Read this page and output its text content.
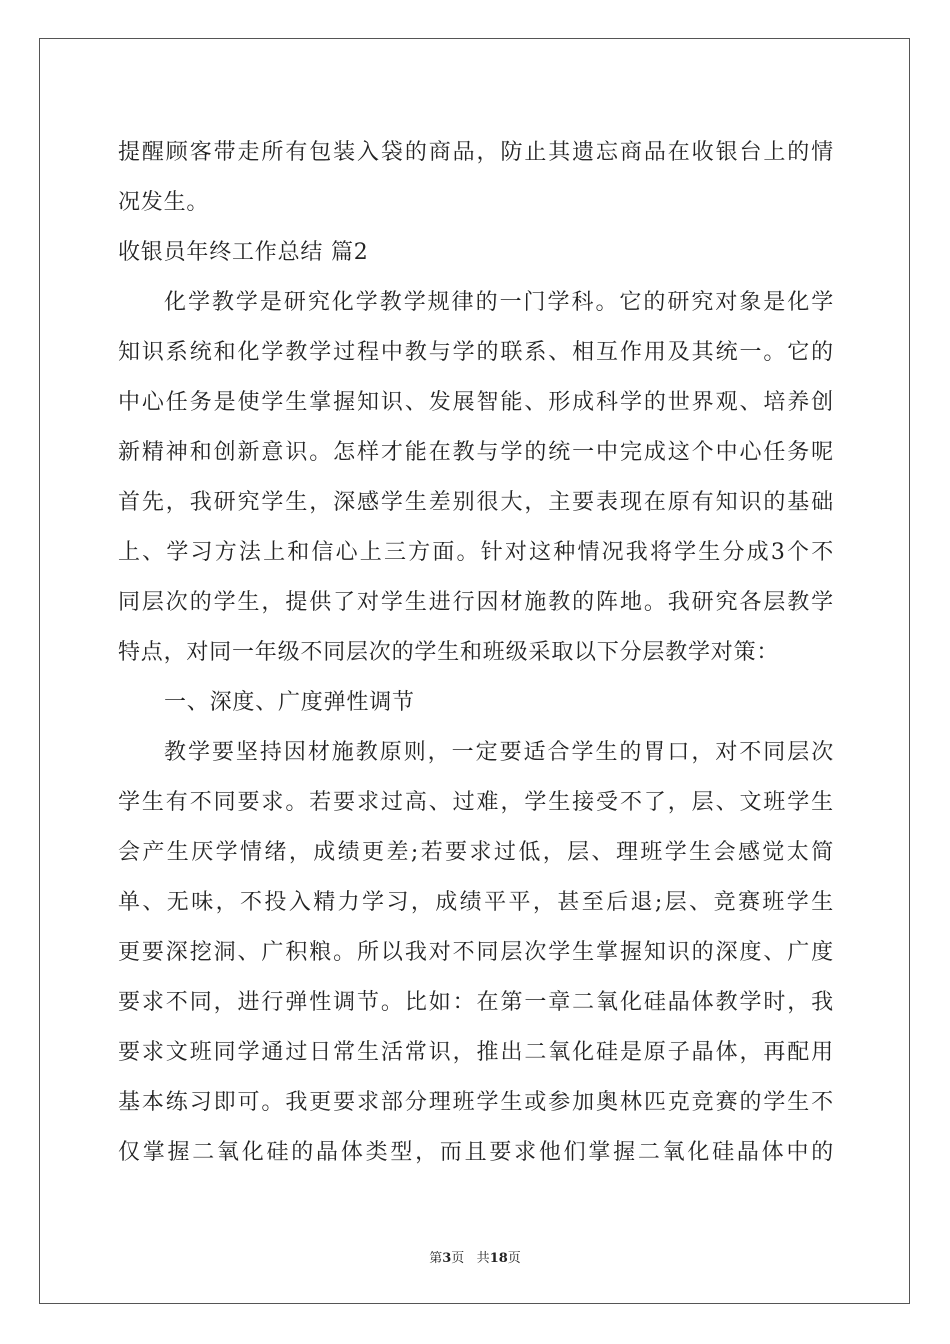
提醒顾客带走所有包装入袋的商品，防止其遗忘商品在收银台上的情
况发生。
收银员年终工作总结 篇2
化学教学是研究化学教学规律的一门学科。它的研究对象是化学
知识系统和化学教学过程中教与学的联系、相互作用及其统一。它的
中心任务是使学生掌握知识、发展智能、形成科学的世界观、培养创
新精神和创新意识。怎样才能在教与学的统一中完成这个中心任务呢
首先，我研究学生，深感学生差别很大，主要表现在原有知识的基础
上、学习方法上和信心上三方面。针对这种情况我将学生分成3个不
同层次的学生，提供了对学生进行因材施教的阵地。我研究各层教学
特点，对同一年级不同层次的学生和班级采取以下分层教学对策：
一、深度、广度弹性调节
教学要坚持因材施教原则，一定要适合学生的胃口，对不同层次
学生有不同要求。若要求过高、过难，学生接受不了，层、文班学生
会产生厌学情绪，成绩更差;若要求过低，层、理班学生会感觉太简
单、无味，不投入精力学习，成绩平平，甚至后退;层、竞赛班学生
更要深挖洞、广积粮。所以我对不同层次学生掌握知识的深度、广度
要求不同，进行弹性调节。比如：在第一章二氧化硅晶体教学时，我
要求文班同学通过日常生活常识，推出二氧化硅是原子晶体，再配用
基本练习即可。我更要求部分理班学生或参加奥林匹克竞赛的学生不
仅掌握二氧化硅的晶体类型，而且要求他们掌握二氧化硅晶体中的
第3页 共18页
